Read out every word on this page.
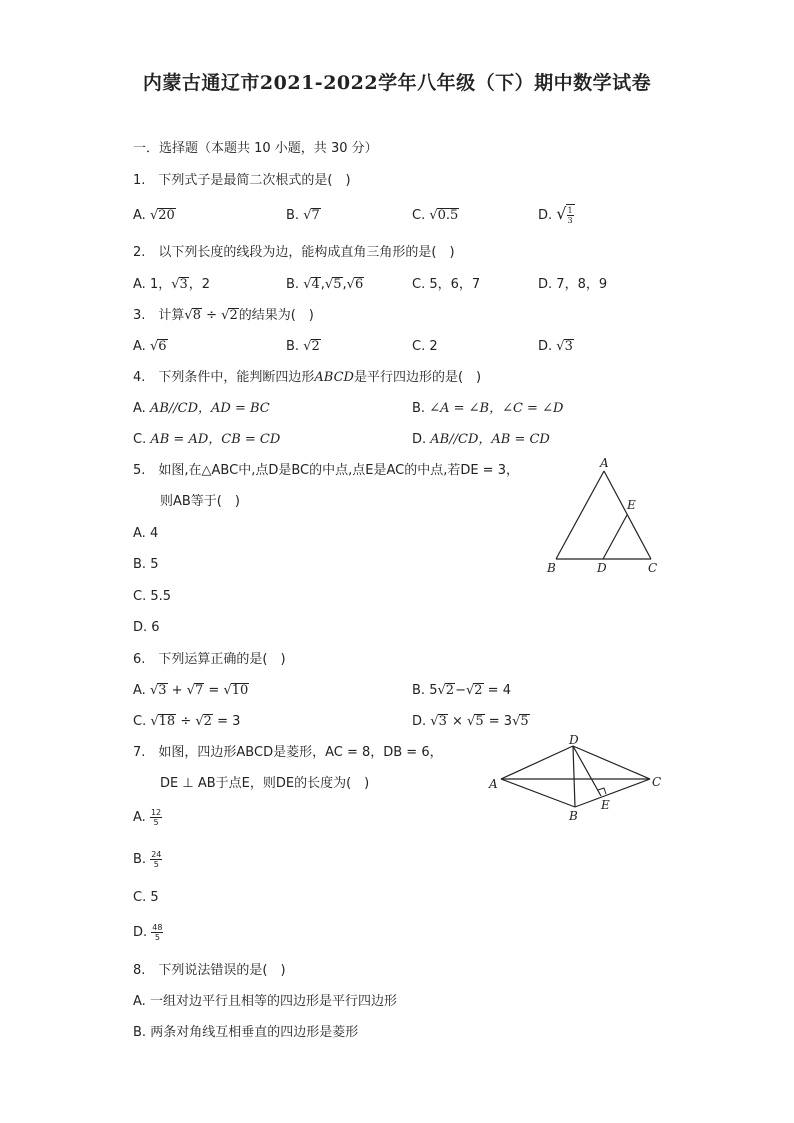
内蒙古通辽市2021-2022学年八年级（下）期中数学试卷
一．选择题（本题共 10 小题，共 30 分）
1.　下列式子是最简二次根式的是(　)
A. √20	B. √7	C. √0.5	D. √ $\frac{1}{3}$
2.　以下列长度的线段为边，能构成直角三角形的是(　)
A. 1，√3，2	B. √4,√5,√6	C. 5，6，7	D. 7，8，9
3.　计算√8 ÷ √2的结果为(　)
A. √6	B. √2	C. 2	D. √3
4.　下列条件中，能判断四边形ABCD是平行四边形的是(　)
A. AB//CD，AD = BC	B. ∠A = ∠B，∠C = ∠D
C. AB = AD，CB = CD	D. AB//CD，AB = CD
5.　如图,在△ABC中,点D是BC的中点,点E是AC的中点,若DE = 3，
则AB等于(　)
A. 4
B. 5
C. 5.5
D. 6
A
B	C
D
E
6.　下列运算正确的是(　)
A. √3 + √7 = √10	B. 5√2−√2 = 4
C. √18 ÷ √2 = 3	D. √3 × √5 = 3√5
7.　如图，四边形ABCD是菱形，AC = 8，DB = 6，
DE ⊥ AB于点E，则DE的长度为(　)
A. $\frac{12}{5}$
B. $\frac{24}{5}$
C. 5
D. $\frac{48}{5}$
A
D
C
B
E
8.　下列说法错误的是(　)
A. 一组对边平行且相等的四边形是平行四边形
B. 两条对角线互相垂直的四边形是菱形
